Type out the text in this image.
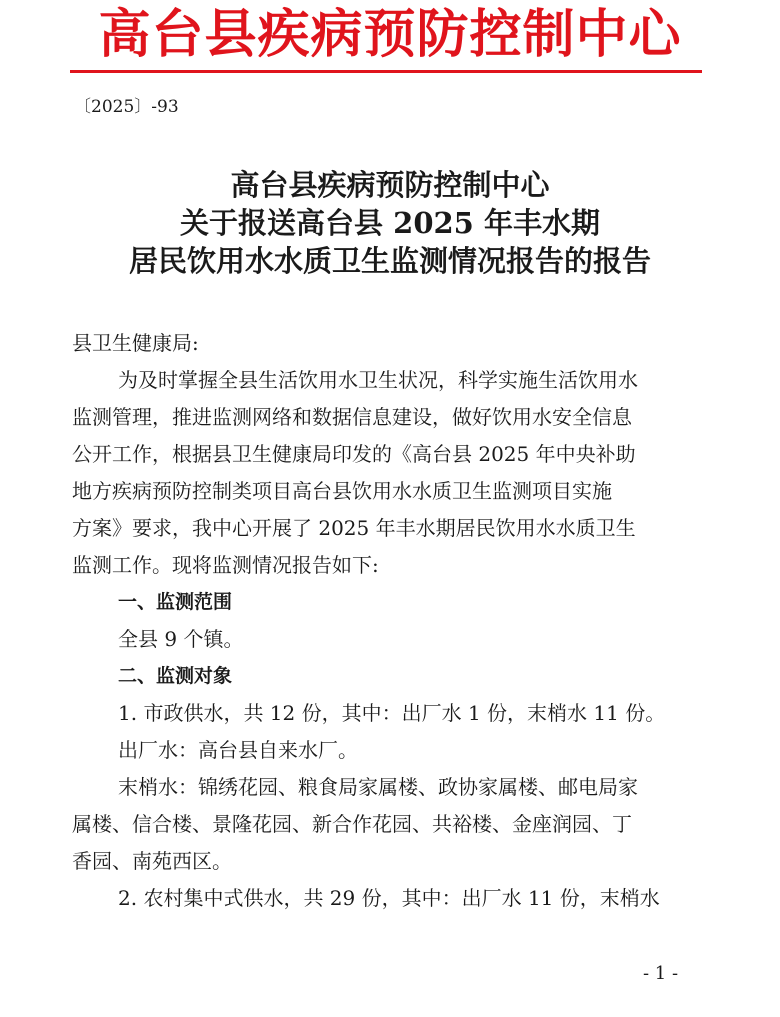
高台县疾病预防控制中心
〔2025〕-93
高台县疾病预防控制中心
关于报送高台县 2025 年丰水期
居民饮用水水质卫生监测情况报告的报告

县卫生健康局:

为及时掌握全县生活饮用水卫生状况，科学实施生活饮用水

监测管理，推进监测网络和数据信息建设，做好饮用水安全信息

公开工作，根据县卫生健康局印发的《高台县 2025 年中央补助

地方疾病预防控制类项目高台县饮用水水质卫生监测项目实施

方案》要求，我中心开展了 2025 年丰水期居民饮用水水质卫生

监测工作。现将监测情况报告如下:

一、监测范围

全县 9 个镇。

二、监测对象

1. 市政供水，共 12 份，其中：出厂水 1 份，末梢水 11 份。

出厂水：高台县自来水厂。

末梢水：锦绣花园、粮食局家属楼、政协家属楼、邮电局家

属楼、信合楼、景隆花园、新合作花园、共裕楼、金座润园、丁

香园、南苑西区。

2. 农村集中式供水，共 29 份，其中：出厂水 11 份，末梢水

- 1 -
